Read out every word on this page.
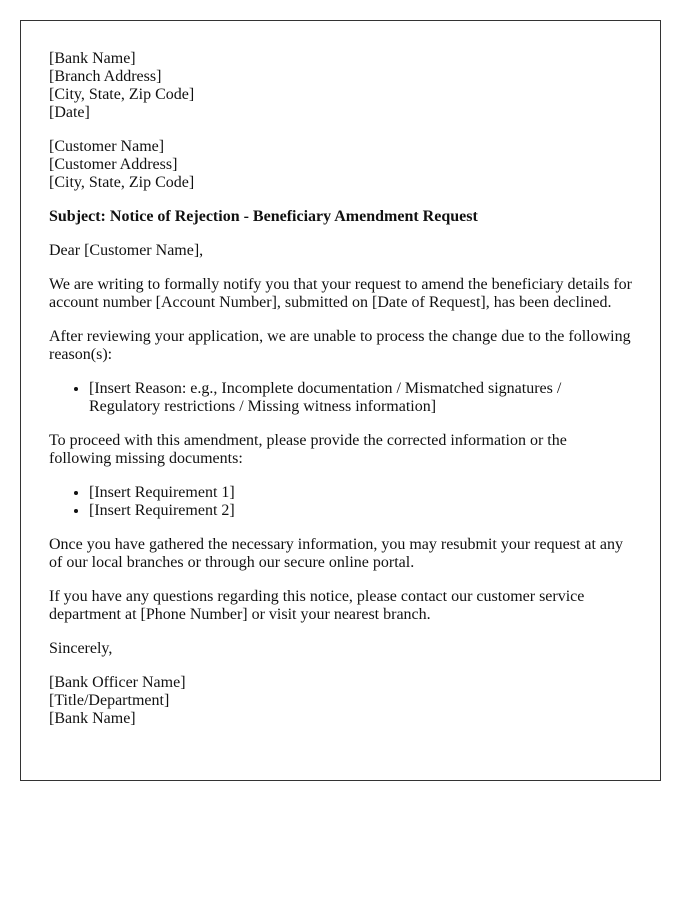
[Bank Name]
[Branch Address]
[City, State, Zip Code]
[Date]
[Customer Name]
[Customer Address]
[City, State, Zip Code]

Subject: Notice of Rejection - Beneficiary Amendment Request

Dear [Customer Name],

We are writing to formally notify you that your request to amend the beneficiary details for account number [Account Number], submitted on [Date of Request], has been declined.

After reviewing your application, we are unable to process the change due to the following reason(s):

• [Insert Reason: e.g., Incomplete documentation / Mismatched signatures / Regulatory restrictions / Missing witness information]

To proceed with this amendment, please provide the corrected information or the following missing documents:

• [Insert Requirement 1]
• [Insert Requirement 2]

Once you have gathered the necessary information, you may resubmit your request at any of our local branches or through our secure online portal.

If you have any questions regarding this notice, please contact our customer service department at [Phone Number] or visit your nearest branch.

Sincerely,

[Bank Officer Name]
[Title/Department]
[Bank Name]
